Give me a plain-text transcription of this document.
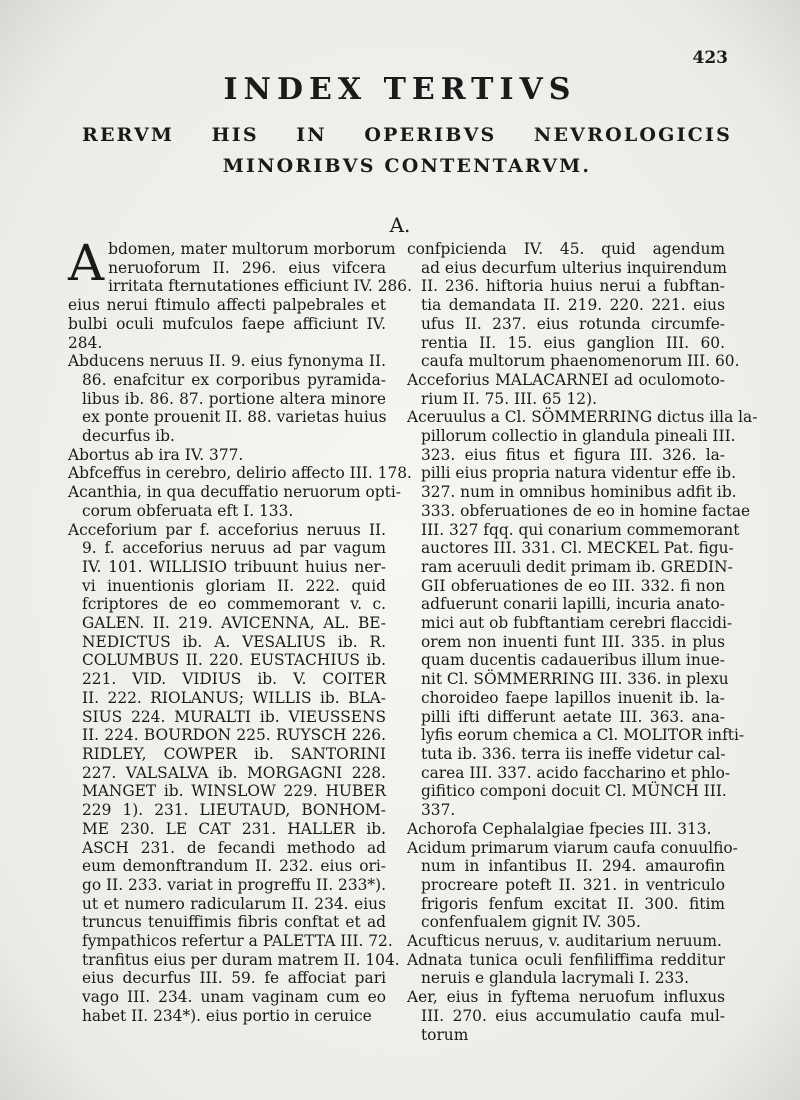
423
INDEX TERTIVS
RERVM HIS IN OPERIBVS NEVROLOGICIS MINORIBVS CONTENTARVM.
A.
A bdomen, mater multorum morborum
neruoforum II. 296. eius vifcera
irritata fternutationes efficiunt IV. 286.
eius nerui ftimulo affecti palpebrales et
bulbi oculi mufculos faepe afficiunt IV.
284.
Abducens neruus II. 9. eius fynonyma II.
86. enafcitur ex corporibus pyramida-
libus ib. 86. 87. portione altera minore
ex ponte prouenit II. 88. varietas huius
decurfus ib.
Abortus ab ira IV. 377.
Abfceffus in cerebro, delirio affecto III. 178.
Acanthia, in qua decuffatio neruorum opti-
corum obferuata eft I. 133.
Acceforium par f. acceforius neruus II.
9. f. acceforius neruus ad par vagum
IV. 101. WILLISIO tribuunt huius ner-
vi inuentionis gloriam II. 222. quid
fcriptores de eo commemorant v. c.
GALEN. II. 219. AVICENNA, AL. BE-
NEDICTUS ib. A. VESALIUS ib. R.
COLUMBUS II. 220. EUSTACHIUS ib.
221. VID. VIDIUS ib. V. COITER
II. 222. RIOLANUS; WILLIS ib. BLA-
SIUS 224. MURALTI ib. VIEUSSENS
II. 224. BOURDON 225. RUYSCH 226.
RIDLEY, COWPER ib. SANTORINI
227. VALSALVA ib. MORGAGNI 228.
MANGET ib. WINSLOW 229. HUBER
229 1). 231. LIEUTAUD, BONHOM-
ME 230. LE CAT 231. HALLER ib.
ASCH 231. de fecandi methodo ad
eum demonftrandum II. 232. eius ori-
go II. 233. variat in progreffu II. 233*).
ut et numero radicularum II. 234. eius
truncus tenuiffimis fibris conftat et ad
fympathicos refertur a PALETTA III. 72.
tranfitus eius per duram matrem II. 104.
eius decurfus III. 59. fe affociat pari
vago III. 234. unam vaginam cum eo
habet II. 234*). eius portio in ceruice
confpicienda IV. 45. quid agendum
ad eius decurfum ulterius inquirendum
II. 236. hiftoria huius nerui a fubftan-
tia demandata II. 219. 220. 221. eius
ufus II. 237. eius rotunda circumfe-
rentia II. 15. eius ganglion III. 60.
caufa multorum phaenomenorum III. 60.
Acceforius MALACARNEI ad oculomoto-
rium II. 75. III. 65 12).
Aceruulus a Cl. SÖMMERRING dictus illa la-
pillorum collectio in glandula pineali III.
323. eius fitus et figura III. 326. la-
pilli eius propria natura videntur effe ib.
327. num in omnibus hominibus adfit ib.
333. obferuationes de eo in homine factae
III. 327 fqq. qui conarium commemorant
auctores III. 331. Cl. MECKEL Pat. figu-
ram aceruuli dedit primam ib. GREDIN-
GII obferuationes de eo III. 332. fi non
adfuerunt conarii lapilli, incuria anato-
mici aut ob fubftantiam cerebri flaccidi-
orem non inuenti funt III. 335. in plus
quam ducentis cadaueribus illum inue-
nit Cl. SÖMMERRING III. 336. in plexu
choroideo faepe lapillos inuenit ib. la-
pilli ifti differunt aetate III. 363. ana-
lyfis eorum chemica a Cl. MOLITOR infti-
tuta ib. 336. terra iis ineffe videtur cal-
carea III. 337. acido faccharino et phlo-
gifitico componi docuit Cl. MÜNCH III.
337.
Achorofa Cephalalgiae fpecies III. 313.
Acidum primarum viarum caufa conuulfio-
num in infantibus II. 294. amaurofin
procreare poteft II. 321. in ventriculo
frigoris fenfum excitat II. 300. fitim
confenfualem gignit IV. 305.
Acufticus neruus, v. auditarium neruum.
Adnata tunica oculi fenfiliffima redditur
neruis e glandula lacrymali I. 233.
Aer, eius in fyftema neruofum influxus
III. 270. eius accumulatio caufa mul-
torum
